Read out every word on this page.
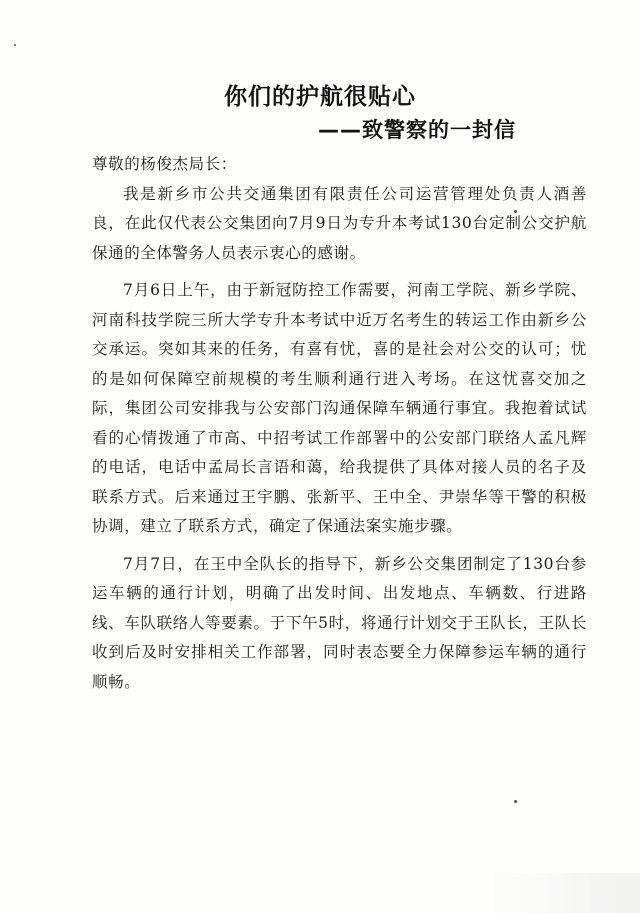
你们的护航很贴心
——致警察的一封信

尊敬的杨俊杰局长：

我是新乡市公共交通集团有限责任公司运营管理处负责人酒善良，在此仅代表公交集团向7月9日为专升本考试130台定制公交护航保通的全体警务人员表示衷心的感谢。

7月6日上午，由于新冠防控工作需要，河南工学院、新乡学院、河南科技学院三所大学专升本考试中近万名考生的转运工作由新乡公交承运。突如其来的任务，有喜有忧，喜的是社会对公交的认可；忧的是如何保障空前规模的考生顺利通行进入考场。在这忧喜交加之际，集团公司安排我与公安部门沟通保障车辆通行事宜。我抱着试试看的心情拨通了市高、中招考试工作部署中的公安部门联络人孟凡辉的电话，电话中孟局长言语和蔼，给我提供了具体对接人员的名子及联系方式。后来通过王宇鹏、张新平、王中全、尹崇华等干警的积极协调，建立了联系方式，确定了保通法案实施步骤。

7月7日，在王中全队长的指导下，新乡公交集团制定了130台参运车辆的通行计划，明确了出发时间、出发地点、车辆数、行进路线、车队联络人等要素。于下午5时，将通行计划交于王队长，王队长收到后及时安排相关工作部署，同时表态要全力保障参运车辆的通行顺畅。
